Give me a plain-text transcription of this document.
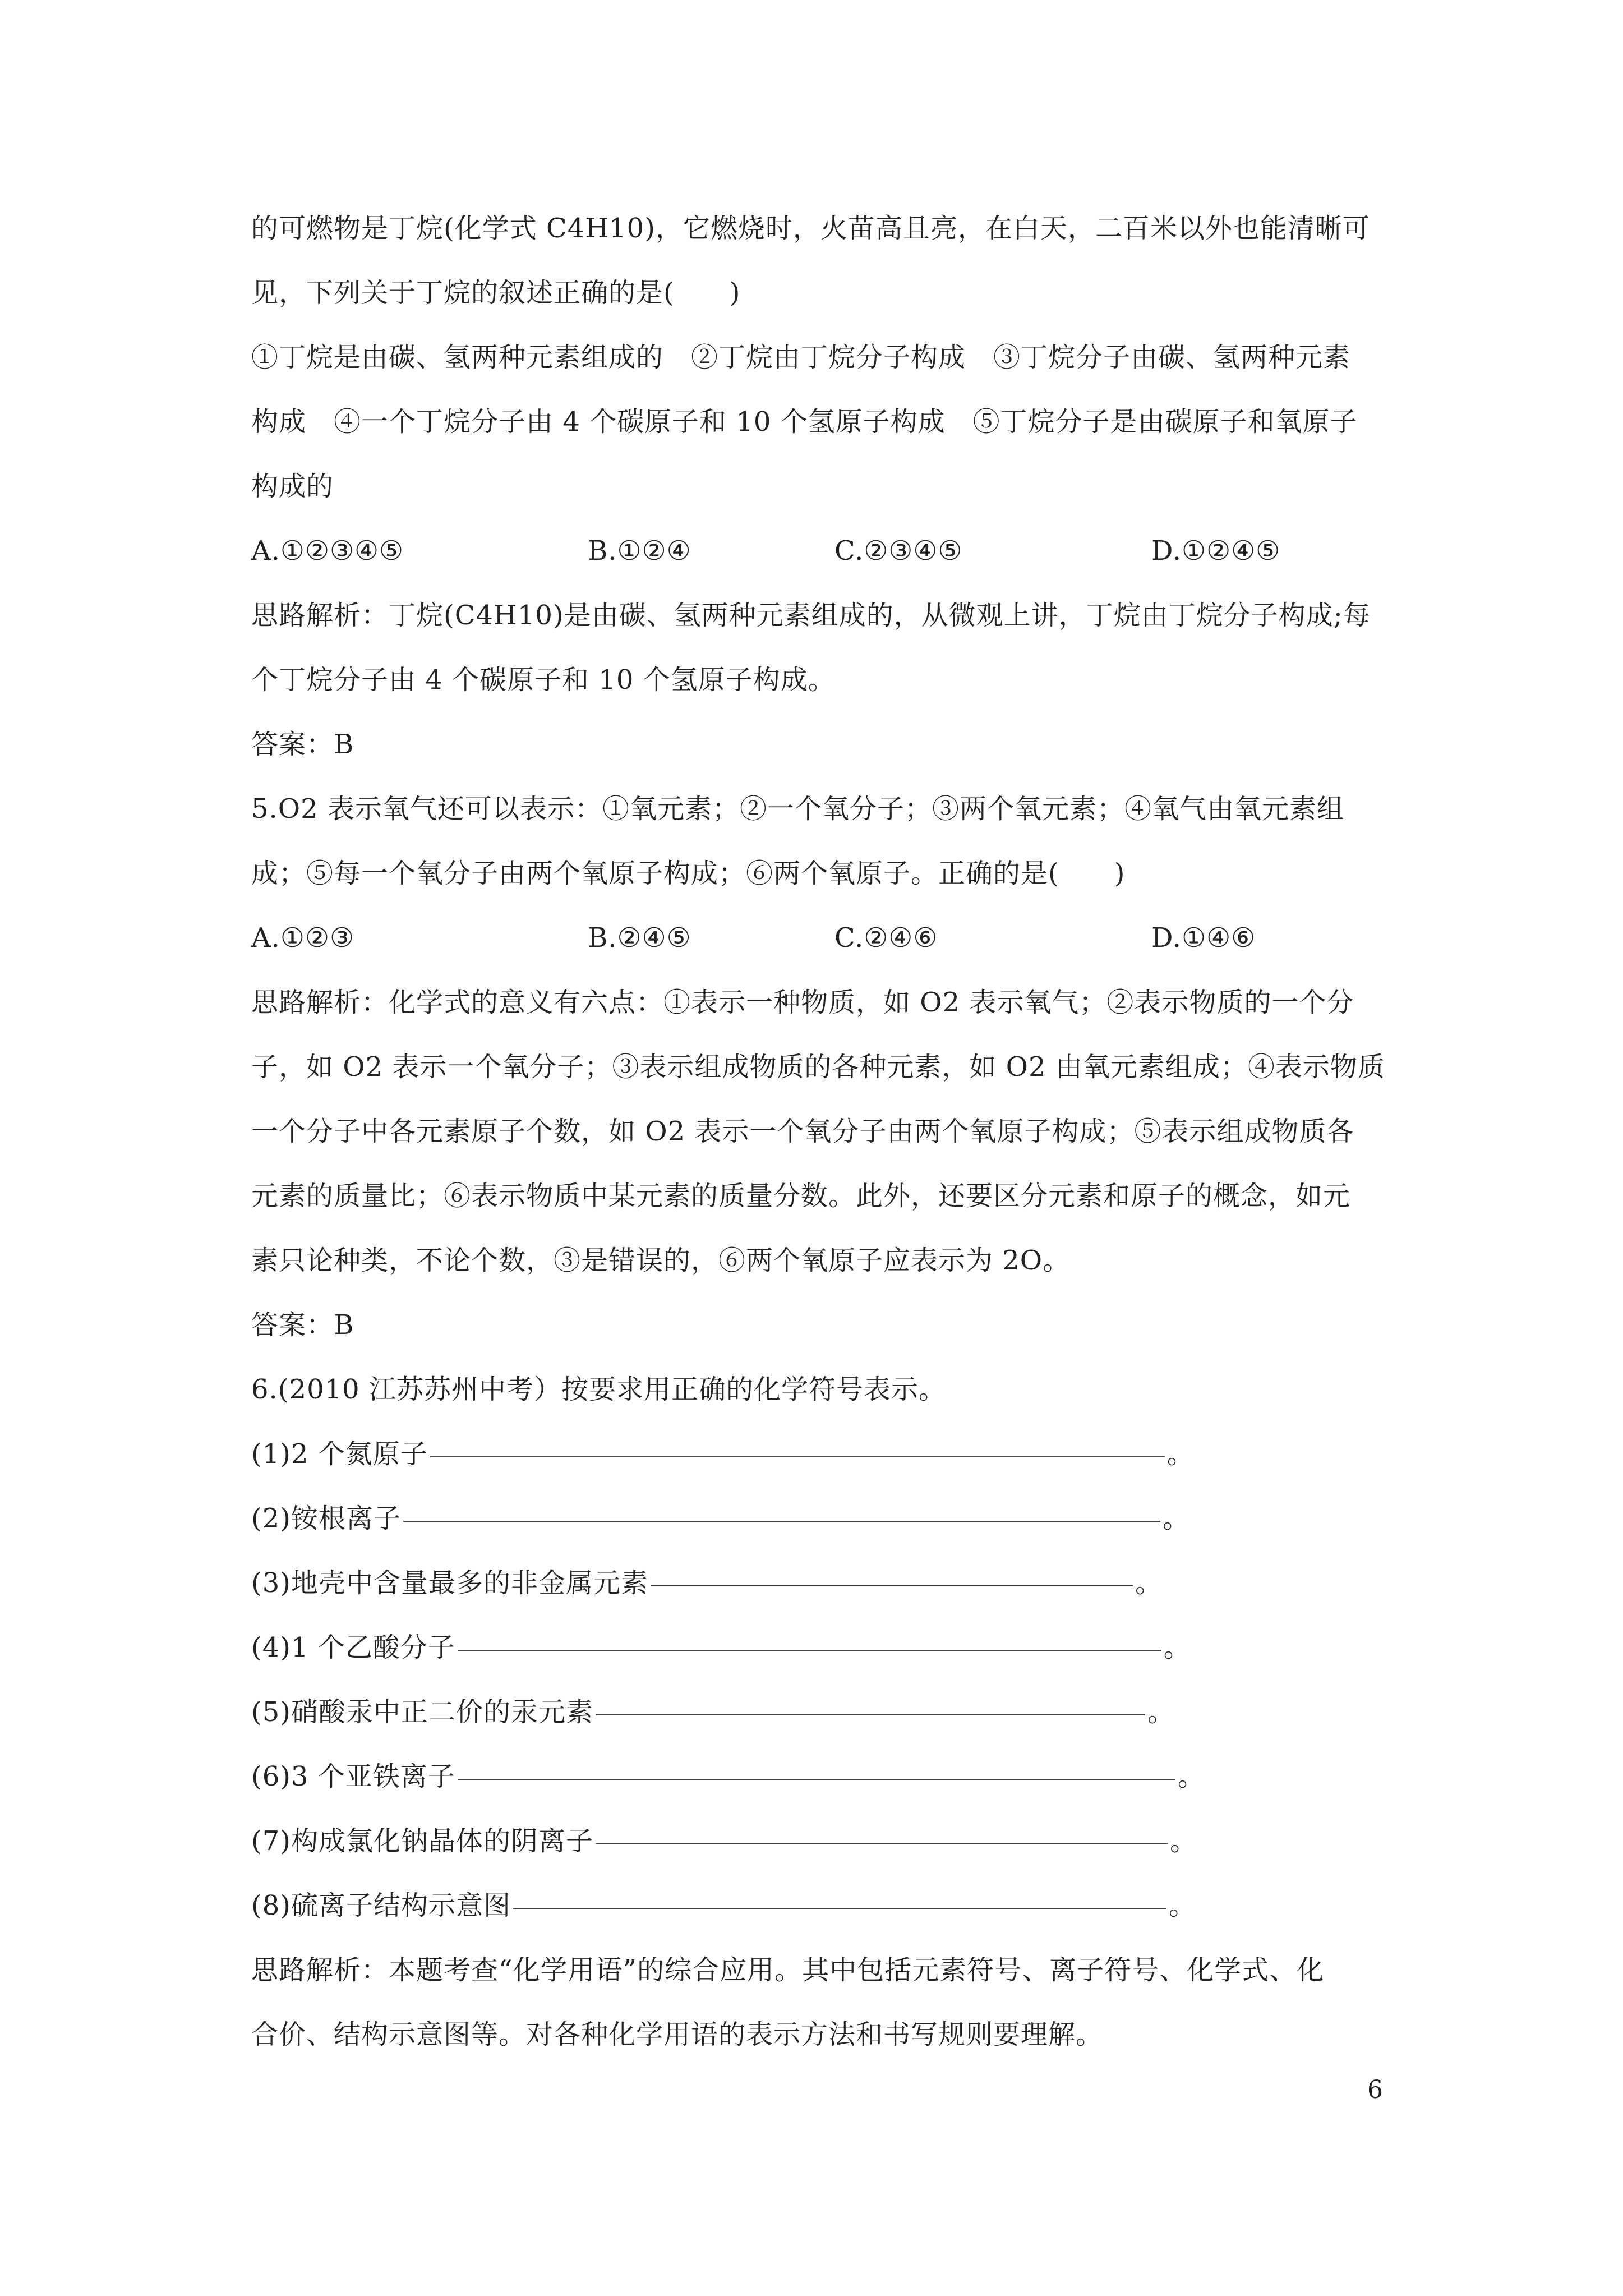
的可燃物是丁烷(化学式 C4H10)，它燃烧时，火苗高且亮，在白天，二百米以外也能清晰可
见，下列关于丁烷的叙述正确的是(　　)
①丁烷是由碳、氢两种元素组成的　②丁烷由丁烷分子构成　③丁烷分子由碳、氢两种元素
构成　④一个丁烷分子由 4 个碳原子和 10 个氢原子构成　⑤丁烷分子是由碳原子和氧原子
构成的
A.①②③④⑤	B.①②④	C.②③④⑤	D.①②④⑤
思路解析：丁烷(C4H10)是由碳、氢两种元素组成的，从微观上讲，丁烷由丁烷分子构成;每
个丁烷分子由 4 个碳原子和 10 个氢原子构成。
答案：B
5.O2 表示氧气还可以表示：①氧元素；②一个氧分子；③两个氧元素；④氧气由氧元素组
成；⑤每一个氧分子由两个氧原子构成；⑥两个氧原子。正确的是(　　)
A.①②③	B.②④⑤	C.②④⑥	D.①④⑥
思路解析：化学式的意义有六点：①表示一种物质，如 O2 表示氧气；②表示物质的一个分
子，如 O2 表示一个氧分子；③表示组成物质的各种元素，如 O2 由氧元素组成；④表示物质
一个分子中各元素原子个数，如 O2 表示一个氧分子由两个氧原子构成；⑤表示组成物质各
元素的质量比；⑥表示物质中某元素的质量分数。此外，还要区分元素和原子的概念，如元
素只论种类，不论个数，③是错误的，⑥两个氧原子应表示为 2O。
答案：B
6.(2010 江苏苏州中考）按要求用正确的化学符号表示。
(1)2 个氮原子	。
(2)铵根离子	。
(3)地壳中含量最多的非金属元素	。
(4)1 个乙酸分子	。
(5)硝酸汞中正二价的汞元素	。
(6)3 个亚铁离子	。
(7)构成氯化钠晶体的阴离子	。
(8)硫离子结构示意图	。
思路解析：本题考查“化学用语”的综合应用。其中包括元素符号、离子符号、化学式、化
合价、结构示意图等。对各种化学用语的表示方法和书写规则要理解。
6
